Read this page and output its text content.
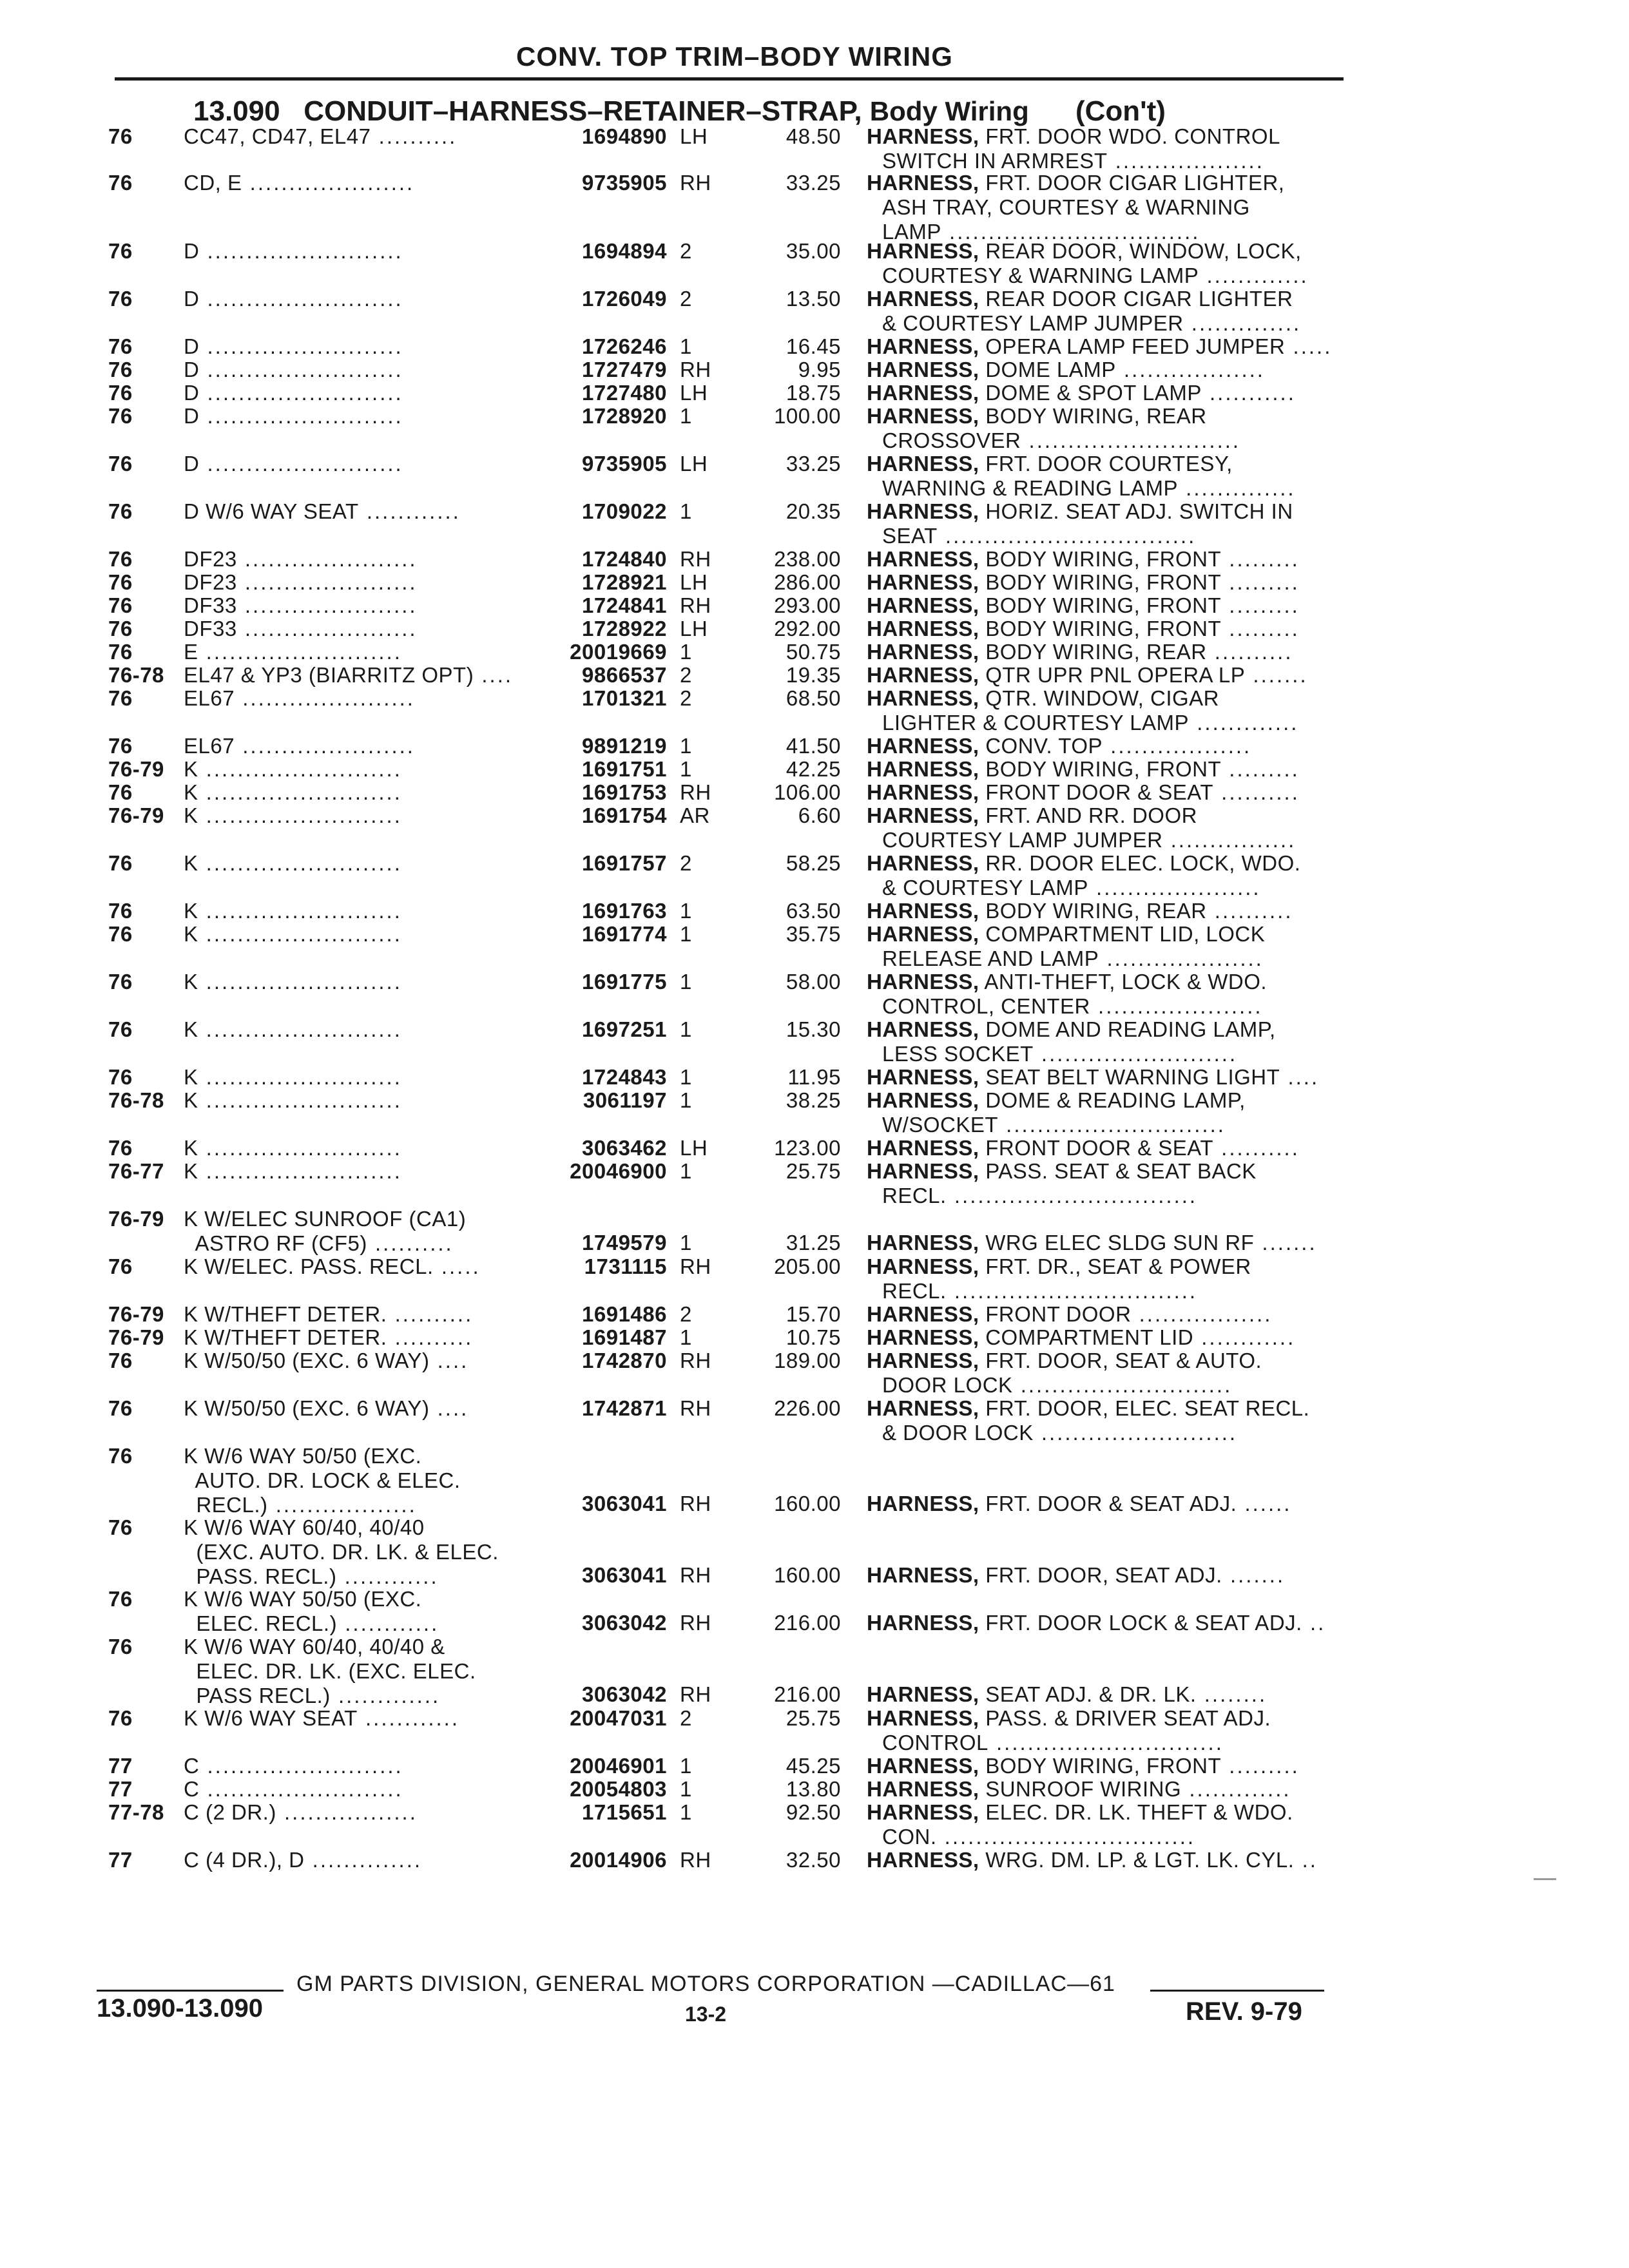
CONV. TOP TRIM–BODY WIRING
13.090 CONDUIT–HARNESS–RETAINER–STRAP, Body Wiring (Con't)
76 CC47, CD47, EL47 ..........	1694890 LH	48.50 HARNESS, FRT. DOOR WDO. CONTROL
SWITCH IN ARMREST ...................
76 CD, E .....................	9735905 RH	33.25 HARNESS, FRT. DOOR CIGAR LIGHTER,
ASH TRAY, COURTESY & WARNING
LAMP ................................
76 D .........................	1694894 2	35.00 HARNESS, REAR DOOR, WINDOW, LOCK,
COURTESY & WARNING LAMP .............
76 D .........................	1726049 2	13.50 HARNESS, REAR DOOR CIGAR LIGHTER
& COURTESY LAMP JUMPER ..............
76 D .........................	1726246 1	16.45 HARNESS, OPERA LAMP FEED JUMPER .....
76 D .........................	1727479 RH	9.95 HARNESS, DOME LAMP ..................
76 D .........................	1727480 LH	18.75 HARNESS, DOME & SPOT LAMP ...........
76 D .........................	1728920 1	100.00 HARNESS, BODY WIRING, REAR
CROSSOVER ...........................
76 D .........................	9735905 LH	33.25 HARNESS, FRT. DOOR COURTESY,
WARNING & READING LAMP ..............
76 D W/6 WAY SEAT ............	1709022 1	20.35 HARNESS, HORIZ. SEAT ADJ. SWITCH IN
SEAT ................................
76 DF23 ......................	1724840 RH	238.00 HARNESS, BODY WIRING, FRONT .........
76 DF23 ......................	1728921 LH	286.00 HARNESS, BODY WIRING, FRONT .........
76 DF33 ......................	1724841 RH	293.00 HARNESS, BODY WIRING, FRONT .........
76 DF33 ......................	1728922 LH	292.00 HARNESS, BODY WIRING, FRONT .........
76 E .........................	20019669 1	50.75 HARNESS, BODY WIRING, REAR ..........
76-78 EL47 & YP3 (BIARRITZ OPT) ....	9866537 2	19.35 HARNESS, QTR UPR PNL OPERA LP .......
76 EL67 ......................	1701321 2	68.50 HARNESS, QTR. WINDOW, CIGAR
LIGHTER & COURTESY LAMP .............
76 EL67 ......................	9891219 1	41.50 HARNESS, CONV. TOP ..................
76-79 K .........................	1691751 1	42.25 HARNESS, BODY WIRING, FRONT .........
76 K .........................	1691753 RH	106.00 HARNESS, FRONT DOOR & SEAT ..........
76-79 K .........................	1691754 AR	6.60 HARNESS, FRT. AND RR. DOOR
COURTESY LAMP JUMPER ................
76 K .........................	1691757 2	58.25 HARNESS, RR. DOOR ELEC. LOCK, WDO.
& COURTESY LAMP .....................
76 K .........................	1691763 1	63.50 HARNESS, BODY WIRING, REAR ..........
76 K .........................	1691774 1	35.75 HARNESS, COMPARTMENT LID, LOCK
RELEASE AND LAMP ....................
76 K .........................	1691775 1	58.00 HARNESS, ANTI-THEFT, LOCK & WDO.
CONTROL, CENTER .....................
76 K .........................	1697251 1	15.30 HARNESS, DOME AND READING LAMP,
LESS SOCKET .........................
76 K .........................	1724843 1	11.95 HARNESS, SEAT BELT WARNING LIGHT ....
76-78 K .........................	3061197 1	38.25 HARNESS, DOME & READING LAMP,
W/SOCKET ............................
76 K .........................	3063462 LH	123.00 HARNESS, FRONT DOOR & SEAT ..........
76-77 K .........................	20046900 1	25.75 HARNESS, PASS. SEAT & SEAT BACK
RECL. ...............................
76-79 K W/ELEC SUNROOF (CA1)
ASTRO RF (CF5) ..........	1749579 1	31.25 HARNESS, WRG ELEC SLDG SUN RF .......
76 K W/ELEC. PASS. RECL. .....	1731115 RH	205.00 HARNESS, FRT. DR., SEAT & POWER
RECL. ...............................
76-79 K W/THEFT DETER. ..........	1691486 2	15.70 HARNESS, FRONT DOOR .................
76-79 K W/THEFT DETER. ..........	1691487 1	10.75 HARNESS, COMPARTMENT LID ............
76 K W/50/50 (EXC. 6 WAY) ....	1742870 RH	189.00 HARNESS, FRT. DOOR, SEAT & AUTO.
DOOR LOCK ...........................
76 K W/50/50 (EXC. 6 WAY) ....	1742871 RH	226.00 HARNESS, FRT. DOOR, ELEC. SEAT RECL.
& DOOR LOCK .........................
76 K W/6 WAY 50/50 (EXC.
AUTO. DR. LOCK & ELEC.
RECL.) ..................	3063041 RH	160.00 HARNESS, FRT. DOOR & SEAT ADJ. ......
76 K W/6 WAY 60/40, 40/40
(EXC. AUTO. DR. LK. & ELEC.
PASS. RECL.) ............	3063041 RH	160.00 HARNESS, FRT. DOOR, SEAT ADJ. .......
76 K W/6 WAY 50/50 (EXC.
ELEC. RECL.) ............	3063042 RH	216.00 HARNESS, FRT. DOOR LOCK & SEAT ADJ. ..
76 K W/6 WAY 60/40, 40/40 &
ELEC. DR. LK. (EXC. ELEC.
PASS RECL.) .............	3063042 RH	216.00 HARNESS, SEAT ADJ. & DR. LK. ........
76 K W/6 WAY SEAT ............	20047031 2	25.75 HARNESS, PASS. & DRIVER SEAT ADJ.
CONTROL .............................
77 C .........................	20046901 1	45.25 HARNESS, BODY WIRING, FRONT .........
77 C .........................	20054803 1	13.80 HARNESS, SUNROOF WIRING .............
77-78 C (2 DR.) .................	1715651 1	92.50 HARNESS, ELEC. DR. LK. THEFT & WDO.
CON. ................................
77 C (4 DR.), D ..............	20014906 RH	32.50 HARNESS, WRG. DM. LP. & LGT. LK. CYL. ..
GM PARTS DIVISION, GENERAL MOTORS CORPORATION —CADILLAC—61
13.090-13.090	13-2	REV. 9-79
